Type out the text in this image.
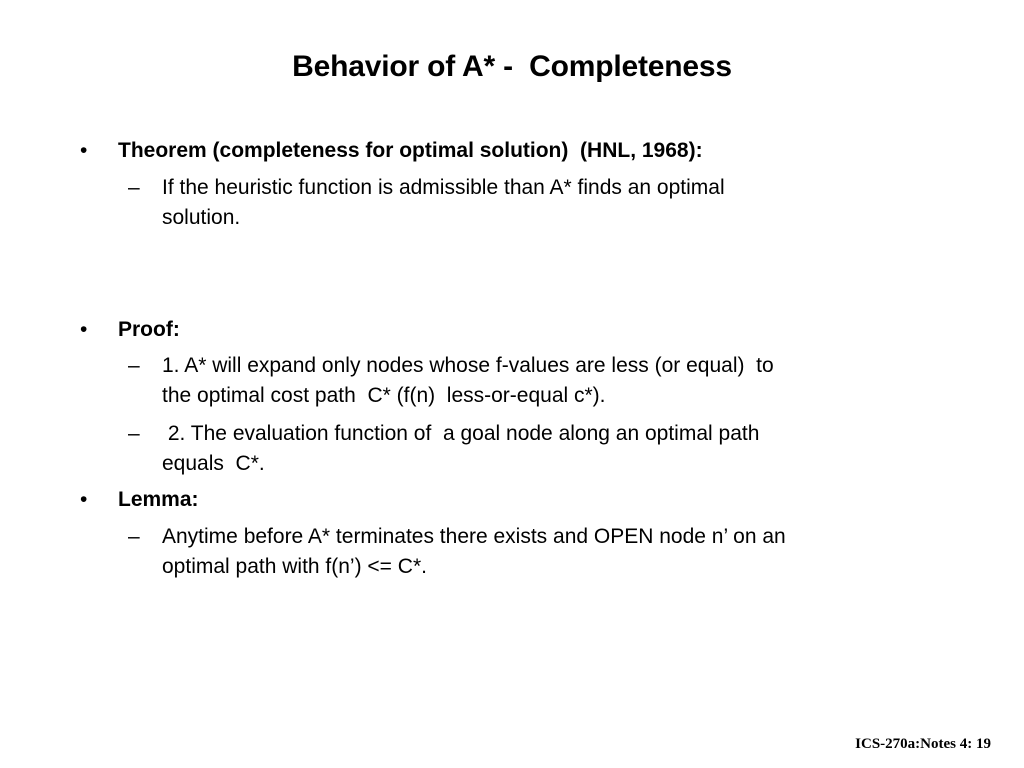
Behavior of A* -  Completeness
• Theorem (completeness for optimal solution)  (HNL, 1968):
– If the heuristic function is admissible than A* finds an optimal
solution.
• Proof:
– 1. A* will expand only nodes whose f-values are less (or equal)  to
the optimal cost path  C* (f(n)  less-or-equal c*).
– 2. The evaluation function of  a goal node along an optimal path
equals  C*.
• Lemma:
– Anytime before A* terminates there exists and OPEN node n’ on an
optimal path with f(n’) <= C*.
ICS-270a:Notes 4: 19
